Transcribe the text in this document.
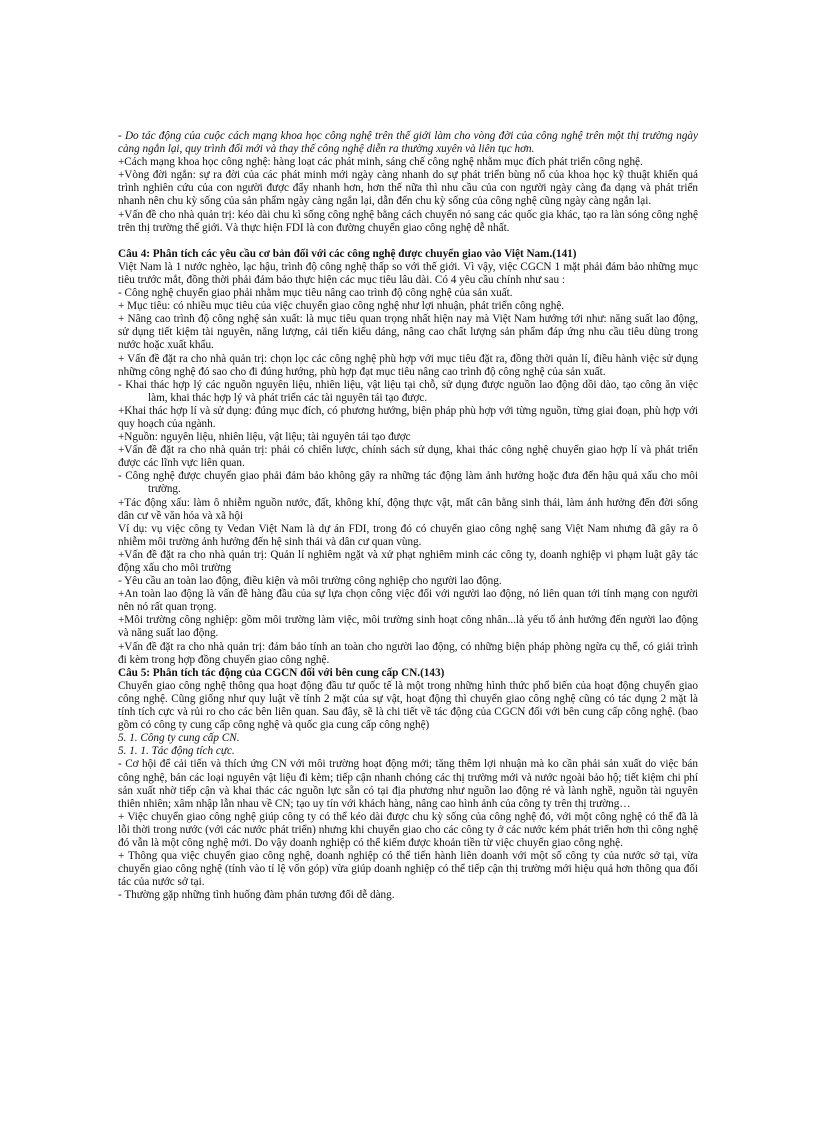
- Do tác động của cuộc cách mạng khoa học công nghệ trên thế giới làm cho vòng đời của công nghệ trên một thị trường ngày càng ngắn lại, quy trình đổi mới và thay thế công nghệ diễn ra thường xuyên và liên tục hơn.

+Cách mạng khoa học công nghệ: hàng loạt các phát minh, sáng chế công nghệ nhằm mục đích phát triển công nghệ.

+Vòng đời ngắn: sự ra đời của các phát minh mới ngày càng nhanh do sự phát triển bùng nổ của khoa học kỹ thuật khiến quá trình nghiên cứu của con người được đẩy nhanh hơn, hơn thế nữa thì nhu cầu của con người ngày càng đa dạng và phát triển nhanh nên chu kỳ sống của sản phẩm ngày càng ngắn lại, dẫn đến chu kỳ sống của công nghệ cũng ngày càng ngắn lại.

+Vấn đề cho nhà quản trị: kéo dài chu kì sống công nghệ bằng cách chuyển nó sang các quốc gia khác, tạo ra làn sóng công nghệ trên thị trường thế giới. Và thực hiện FDI là con đường chuyển giao công nghệ dễ nhất.

Câu 4: Phân tích các yêu cầu cơ bản đối với các công nghệ được chuyển giao vào Việt Nam.(141)

Việt Nam là 1 nước nghèo, lạc hậu, trình độ công nghệ thấp so với thế giới. Vì vậy, việc CGCN 1 mặt phải đảm bảo những mục tiêu trước mắt, đồng thời phải đảm bảo thực hiện các mục tiêu lâu dài. Có 4 yêu cầu chính như sau :

- Công nghệ chuyển giao phải nhằm mục tiêu nâng cao trình độ công nghệ của sản xuất.

+ Mục tiêu: có nhiều mục tiêu của việc chuyển giao công nghệ như lợi nhuận, phát triển công nghệ.

+ Nâng cao trình độ công nghệ sản xuất: là mục tiêu quan trọng nhất hiện nay mà Việt Nam hướng tới như: năng suất lao động, sử dụng tiết kiệm tài nguyên, năng lượng, cải tiến kiểu dáng, nâng cao chất lượng sản phẩm đáp ứng nhu cầu tiêu dùng trong nước hoặc xuất khẩu.

+ Vấn đề đặt ra cho nhà quản trị: chọn lọc các công nghệ phù hợp với mục tiêu đặt ra, đồng thời quản lí, điều hành việc sử dụng những công nghệ đó sao cho đi đúng hướng, phù hợp đạt mục tiêu nâng cao trình độ công nghệ của sản xuất.

- Khai thác hợp lý các nguồn nguyên liệu, nhiên liệu, vật liệu tại chỗ, sử dụng được nguồn lao động dồi dào, tạo công ăn việc làm, khai thác hợp lý và phát triển các tài nguyên tái tạo được.

+Khai thác hợp lí và sử dụng: đúng mục đích, có phương hướng, biện pháp phù hợp với từng nguồn, từng giai đoạn, phù hợp với quy hoạch của ngành.

+Nguồn: nguyên liệu, nhiên liệu, vật liệu; tài nguyên tái tạo được

+Vấn đề đặt ra cho nhà quản trị: phải có chiến lược, chính sách sử dụng, khai thác công nghệ chuyển giao hợp lí và phát triển được các lĩnh vực liên quan.

- Công nghệ được chuyển giao phải đảm bảo không gây ra những tác động làm ảnh hưởng hoặc đưa đến hậu quả xấu cho môi trường.

+Tác động xấu: làm ô nhiễm nguồn nước, đất, không khí, động thực vật, mất cân bằng sinh thái, làm ảnh hưởng đến đời sống dân cư về văn hóa và xã hội

Ví dụ: vụ việc công ty Vedan Việt Nam là dự án FDI, trong đó có chuyển giao công nghệ sang Việt Nam nhưng đã gây ra ô nhiễm môi trường ảnh hưởng đến hệ sinh thái và dân cư quan vùng.

+Vấn đề đặt ra cho nhà quản trị: Quản lí nghiêm ngặt và xử phạt nghiêm minh các công ty, doanh nghiệp vi phạm luật gây tác động xấu cho môi trường

- Yêu cầu an toàn lao động, điều kiện và môi trường công nghiệp cho người lao động.

+An toàn lao động là vấn đề hàng đầu của sự lựa chọn công việc đối với người lao động, nó liên quan tới tính mạng con người nên nó rất quan trọng.

+Môi trường công nghiệp: gồm môi trường làm việc, môi trường sinh hoạt công nhân...là yếu tố ảnh hưởng đến người lao động và năng suất lao động.

+Vấn đề đặt ra cho nhà quản trị: đảm bảo tính an toàn cho người lao động, có những biện pháp phòng ngừa cụ thể, có giải trình đi kèm trong hợp đồng chuyển giao công nghệ.

Câu 5: Phân tích tác động của CGCN đối với bên cung cấp CN.(143)

Chuyển giao công nghệ thông qua hoạt động đầu tư quốc tế là một trong những hình thức phổ biến của hoạt động chuyển giao công nghệ. Cũng giống như quy luật về tính 2 mặt của sự vật, hoạt động thì chuyển giao công nghệ cũng có tác dụng 2 mặt là tính tích cực và rủi ro cho các bên liên quan. Sau đây, sẽ là chi tiết về tác động của CGCN đối với bên cung cấp công nghệ. (bao gồm có công ty cung cấp công nghệ và quốc gia cung cấp công nghệ)

5. 1. Công ty cung cấp CN.

5. 1. 1. Tác động tích cực.

- Cơ hội để cải tiến và thích ứng CN với môi trường hoạt động mới; tăng thêm lợi nhuận mà ko cần phải sản xuất do việc bán công nghệ, bán các loại nguyên vật liệu đi kèm; tiếp cận nhanh chóng các thị trường mới và nước ngoài bảo hộ; tiết kiệm chi phí sản xuất nhờ tiếp cận và khai thác các nguồn lực sẵn có tại địa phương như nguồn lao động rẻ và lành nghề, nguồn tài nguyên thiên nhiên; xâm nhập lẫn nhau về CN; tạo uy tín với khách hàng, nâng cao hình ảnh của công ty trên thị trường…

+ Việc chuyển giao công nghệ giúp công ty có thể kéo dài được chu kỳ sống của công nghệ đó, với một công nghệ có thể đã là lỗi thời trong nước (với các nước phát triển) nhưng khi chuyển giao cho các công ty ở các nước kém phát triển hơn thì công nghệ đó vẫn là một công nghệ mới. Do vậy doanh nghiệp có thể kiếm được khoản tiền từ việc chuyển giao công nghệ.

+ Thông qua việc chuyển giao công nghệ, doanh nghiệp có thể tiến hành liên doanh với một số công ty của nước sở tại, vừa chuyển giao công nghệ (tính vào tỉ lệ vốn góp) vừa giúp doanh nghiệp có thể tiếp cận thị trường mới hiệu quả hơn thông qua đối tác của nước sở tại.

- Thường gặp những tình huống đàm phán tương đối dễ dàng.
